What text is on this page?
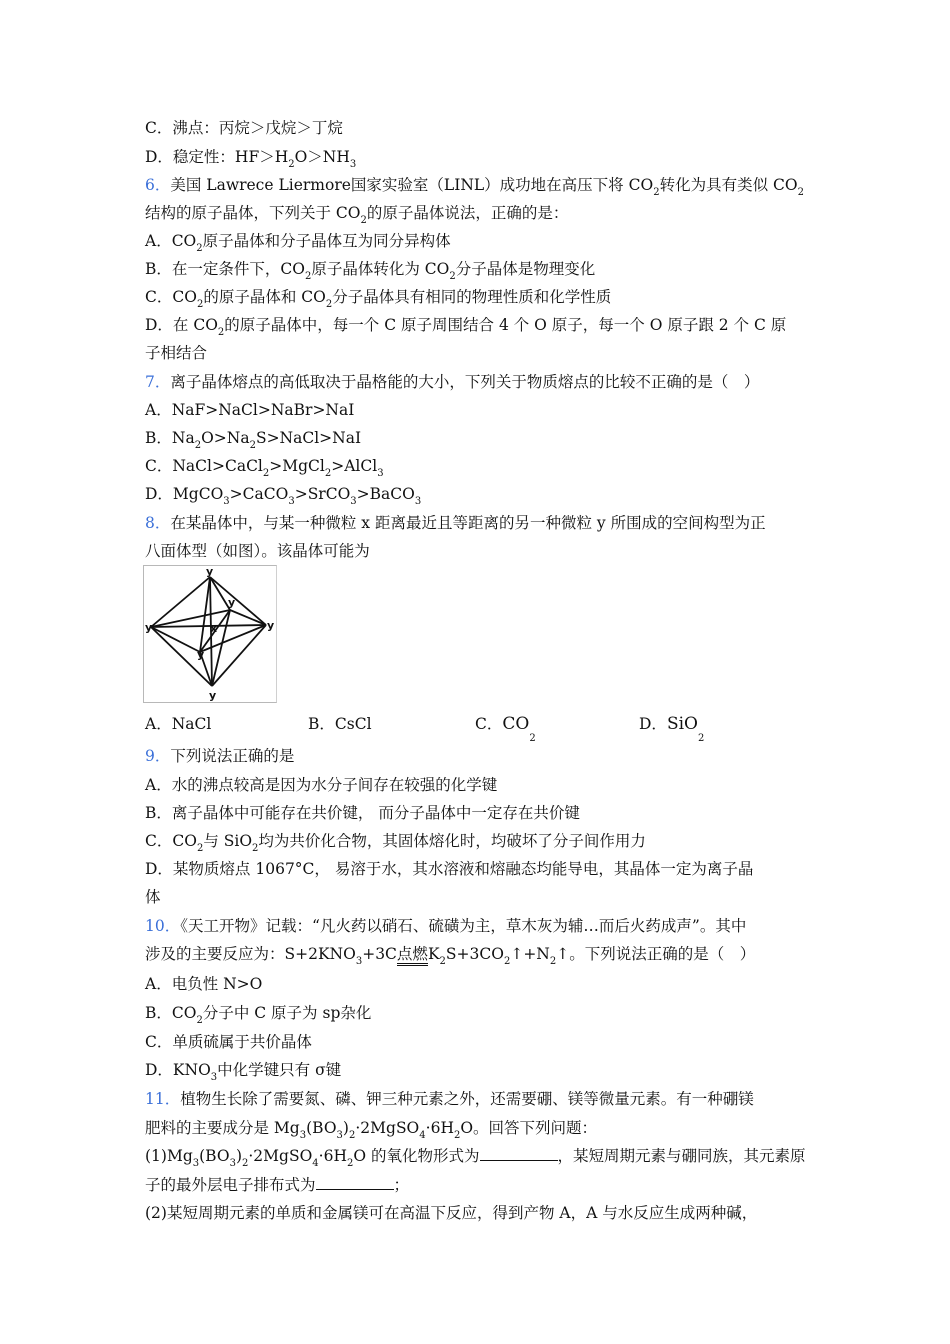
C．沸点：丙烷＞戊烷＞丁烷
D．稳定性：$HF>H_2O>NH_3$
6．美国 Lawrece Liermore国家实验室（LINL）成功地在高压下将 $CO_2$转化为具有类似 $CO_2$
结构的原子晶体，下列关于 $CO_2$的原子晶体说法，正确的是：
A．$CO_2$原子晶体和分子晶体互为同分异构体
B．在一定条件下，$CO_2$原子晶体转化为 $CO_2$分子晶体是物理变化
C．$CO_2$的原子晶体和 $CO_2$分子晶体具有相同的物理性质和化学性质
D．在 $CO_2$的原子晶体中，每一个 C 原子周围结合 4 个 O 原子，每一个 O 原子跟 2 个 C 原
子相结合
7．离子晶体熔点的高低取决于晶格能的大小，下列关于物质熔点的比较不正确的是（　）
A．NaF>NaCl>NaBr>NaI
B．$Na_2O>Na_2S>NaCl>NaI$
C．NaCl>CaCl$_2$>MgCl$_2$>AlCl$_3$
D．MgCO$_3$>CaCO$_3$>SrCO$_3$>BaCO$_3$
8．在某晶体中，与某一种微粒 x 距离最近且等距离的另一种微粒 y 所围成的空间构型为正
八面体型（如图）。该晶体可能为
y
y	y
y
y
y
x
A．NaCl	B．CsCl	C．$CO_2$
D．SiO$_2$
9．下列说法正确的是
A．水的沸点较高是因为水分子间存在较强的化学键
B．离子晶体中可能存在共价键， 而分子晶体中一定存在共价键
C．$CO_2$与 SiO$_2$均为共价化合物，其固体熔化时，均破坏了分子间作用力
D．某物质熔点 1067°C， 易溶于水，其水溶液和熔融态均能导电，其晶体一定为离子晶
体
10．《天工开物》记载：“凡火药以硝石、硫磺为主，草木灰为辅…而后火药成声”。其中
涉及的主要反应为：$S+2KNO_3+3C$点燃$K_2S+3CO_2↑+N_2↑$。下列说法正确的是（　）
A．电负性 N>O
B．$CO_2$分子中 C 原子为 sp杂化
C．单质硫属于共价晶体
D．$KNO_3$中化学键只有 σ键
11．植物生长除了需要氮、磷、钾三种元素之外，还需要硼、镁等微量元素。有一种硼镁
肥料的主要成分是 $Mg_3(BO_3)_2\cdot 2MgSO_4\cdot 6H_2O$。回答下列问题：
$(1)Mg_3(BO_3)_2\cdot 2MgSO_4\cdot 6H_2O$ 的氧化物形式为	，某短周期元素与硼同族，其元素原
子的最外层电子排布式为	；
(2)某短周期元素的单质和金属镁可在高温下反应，得到产物 A，A 与水反应生成两种碱，
